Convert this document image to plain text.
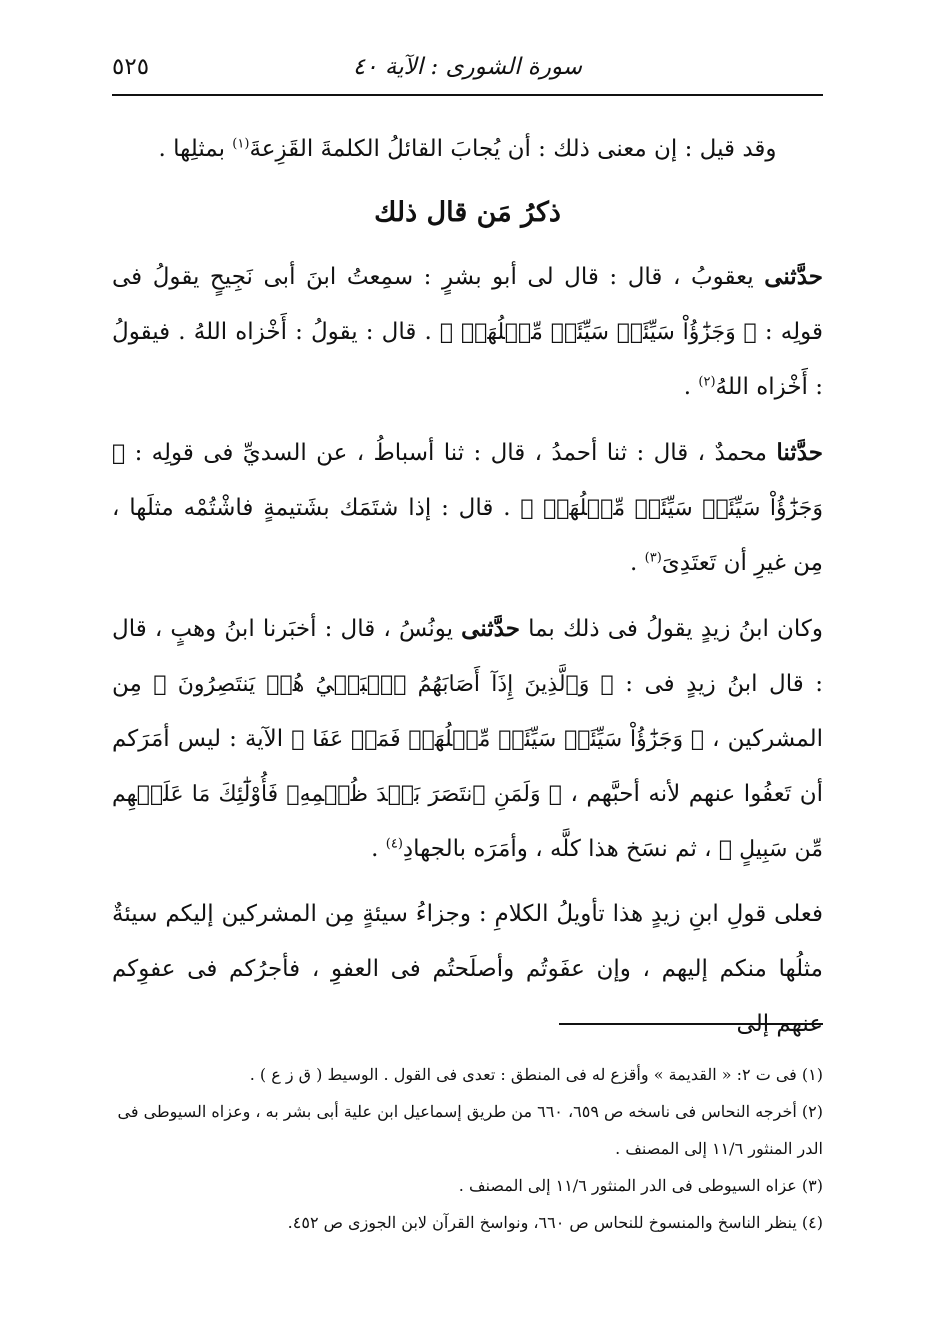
سورة الشورى : الآية ٤٠
٥٢٥

وقد قيل : إن معنى ذلك : أن يُجابَ القائلُ الكلمةَ القَزِعةَ$^{(١)}$ بمثلِها .

ذكرُ مَن قال ذلك

حدَّثنى يعقوبُ ، قال : قال لى أبو بشرٍ : سمِعتُ ابنَ أبى نَجِيحٍ يقولُ فى قولِه : ﴿ وَجَزَٰٓؤُاْ سَيِّئَةٖ سَيِّئَةٞ مِّثۡلُهَاۖ ﴾ . قال : يقولُ : أَخْزاه اللهُ . فيقولُ : أَخْزاه اللهُ$^{(٢)}$ .

حدَّثنا محمدٌ ، قال : ثنا أحمدُ ، قال : ثنا أسباطُ ، عن السديِّ فى قولِه : ﴿ وَجَزَٰٓؤُاْ سَيِّئَةٖ سَيِّئَةٞ مِّثۡلُهَاۖ ﴾ . قال : إذا شتَمَك بشَتيمةٍ فاشْتُمْه مثلَها ، مِن غيرِ أن تَعتَدِىَ$^{(٣)}$ .

وكان ابنُ زيدٍ يقولُ فى ذلك بما حدَّثنى يونُسُ ، قال : أخبَرنا ابنُ وهبٍ ، قال : قال ابنُ زيدٍ فى : ﴿ وَٱلَّذِينَ إِذَآ أَصَابَهُمُ ٱلۡبَغۡيُ هُمۡ يَنتَصِرُونَ ﴾ مِن المشركين ، ﴿ وَجَزَٰٓؤُاْ سَيِّئَةٖ سَيِّئَةٞ مِّثۡلُهَاۖ فَمَنۡ عَفَا ﴾ الآية : ليس أمَرَكم أن تَعفُوا عنهم لأنه أحبَّهم ، ﴿ وَلَمَنِ ٱنتَصَرَ بَعۡدَ ظُلۡمِهِۦ فَأُوْلَٰٓئِكَ مَا عَلَيۡهِم مِّن سَبِيلٍ ﴾ ، ثم نسَخ هذا كلَّه ، وأمَرَه بالجهادِ$^{(٤)}$ .

فعلى قولِ ابنِ زيدٍ هذا تأويلُ الكلامِ : وجزاءُ سيئةٍ مِن المشركين إليكم سيئةٌ مثلُها منكم إليهم ، وإن عفَوتُم وأصلَحتُم فى العفوِ ، فأجرُكم فى عفوِكم عنهم إلى

(١) فى ت ٢: « القديمة » وأقزع له فى المنطق : تعدى فى القول . الوسيط ( ق ز ع ) .

(٢) أخرجه النحاس فى ناسخه ص ٦٥٩، ٦٦٠ من طريق إسماعيل ابن علية أبى بشر به ، وعزاه السيوطى فى الدر المنثور ١١/٦ إلى المصنف .

(٣) عزاه السيوطى فى الدر المنثور ١١/٦ إلى المصنف .

(٤) ينظر الناسخ والمنسوخ للنحاس ص ٦٦٠، ونواسخ القرآن لابن الجوزى ص ٤٥٢.
